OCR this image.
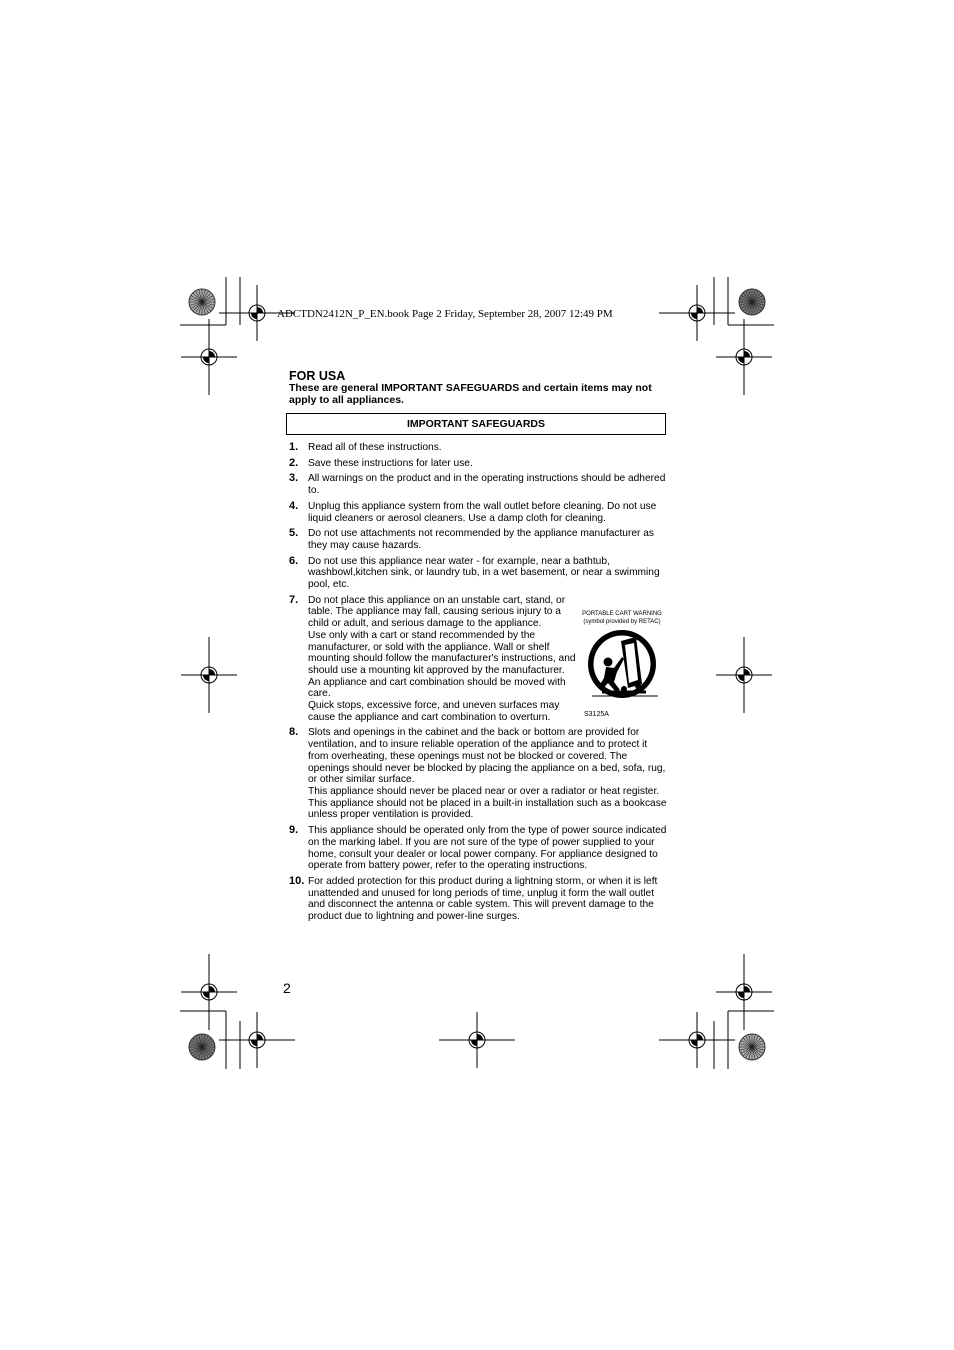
ADCTDN2412N_P_EN.book Page 2 Friday, September 28, 2007 12:49 PM
FOR USA
These are general IMPORTANT SAFEGUARDS and certain items may not apply to all appliances.
IMPORTANT SAFEGUARDS
1. Read all of these instructions.

2. Save these instructions for later use.

3. All warnings on the product and in the operating instructions should be adhered to.

4. Unplug this appliance system from the wall outlet before cleaning. Do not use liquid cleaners or aerosol cleaners. Use a damp cloth for cleaning.

5. Do not use attachments not recommended by the appliance manufacturer as they may cause hazards.

6. Do not use this appliance near water - for example, near a bathtub, washbowl,kitchen sink, or laundry tub, in a wet basement, or near a swimming pool, etc.

7. Do not place this appliance on an unstable cart, stand, or table. The appliance may fall, causing serious injury to a child or adult, and serious damage to the appliance.

Use only with a cart or stand recommended by the manufacturer, or sold with the appliance. Wall or shelf mounting should follow the manufacturer's instructions, and should use a mounting kit approved by the manufacturer. An appliance and cart combination should be moved with care.

Quick stops, excessive force, and uneven surfaces may cause the appliance and cart combination to overturn.

PORTABLE CART WARNING
(symbol provided by RETAC)
S3125A
8. Slots and openings in the cabinet and the back or bottom are provided for ventilation, and to insure reliable operation of the appliance and to protect it from overheating, these openings must not be blocked or covered. The openings should never be blocked by placing the appliance on a bed, sofa, rug, or other similar surface.

This appliance should never be placed near or over a radiator or heat register.

This appliance should not be placed in a built-in installation such as a bookcase unless proper ventilation is provided.

9. This appliance should be operated only from the type of power source indicated on the marking label. If you are not sure of the type of power supplied to your home, consult your dealer or local power company. For appliance designed to operate from battery power, refer to the operating instructions.

10. For added protection for this product during a lightning storm, or when it is left unattended and unused for long periods of time, unplug it form the wall outlet and disconnect the antenna or cable system. This will prevent damage to the product due to lightning and power-line surges.

2
